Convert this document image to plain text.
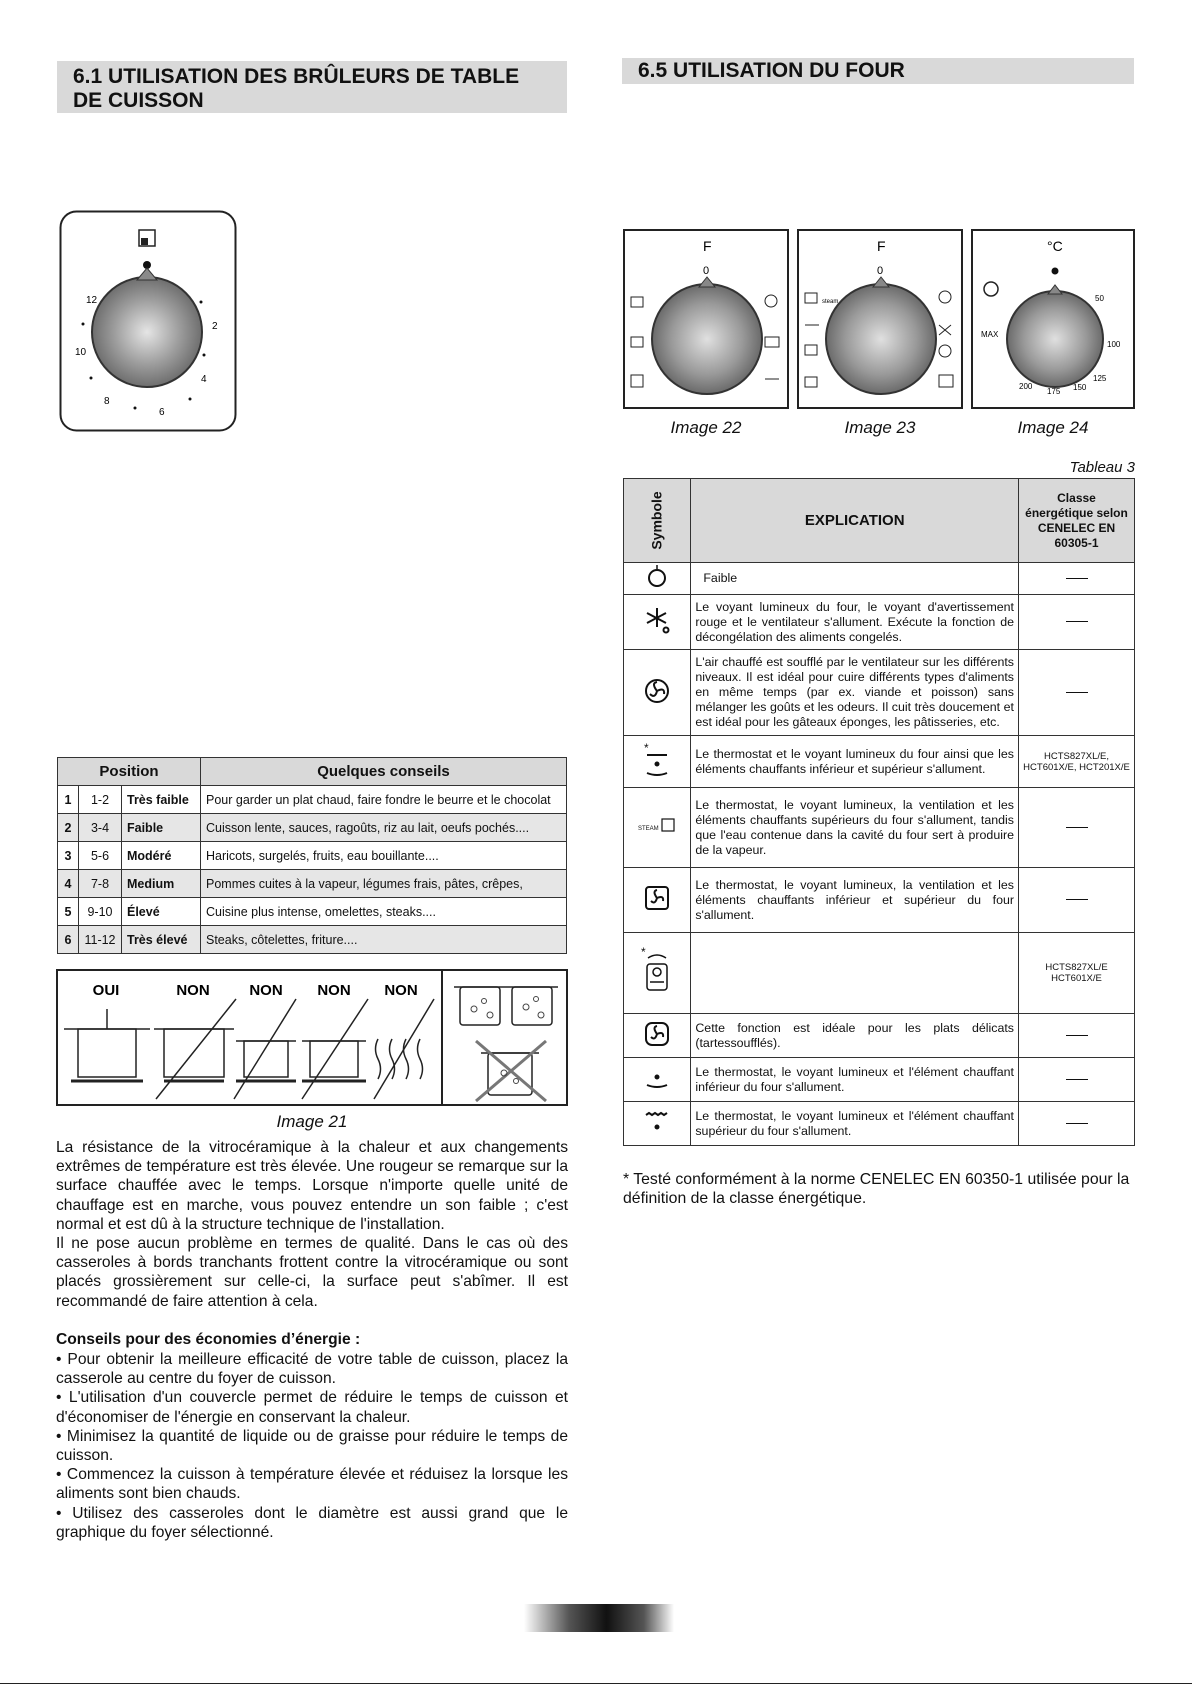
6.1 UTILISATION DES BRÛLEURS DE TABLE DE CUISSON
12
2
10
4
8
6
Position			Quelques conseils
1	1-2	Très faible	Pour garder un plat chaud, faire fondre le beurre et le chocolat
2	3-4	Faible	Cuisson lente, sauces, ragoûts, riz au lait, oeufs pochés....
3	5-6	Modéré	Haricots, surgelés, fruits, eau bouillante....
4	7-8	Medium	Pommes cuites à la vapeur, légumes frais, pâtes, crêpes,
5	9-10	Élevé	Cuisine plus intense, omelettes, steaks....
6	11-12	Très élevé	Steaks, côtelettes, friture....
OUI	NON	NON NON NON
Image 21
La résistance de la vitrocéramique à la chaleur et aux changements extrêmes de température est très élevée. Une rougeur se remarque sur la surface chauffée avec le temps. Lorsque n'importe quelle unité de chauffage est en marche, vous pouvez entendre un son faible ; c'est normal et est dû à la structure technique de l'installation.
Il ne pose aucun problème en termes de qualité. Dans le cas où des casseroles à bords tranchants frottent contre la vitrocéramique ou sont placés grossièrement sur celle-ci, la surface peut s'abîmer. Il est recommandé de faire attention à cela.
Conseils pour des économies d’énergie :
• Pour obtenir la meilleure efficacité de votre table de cuisson, placez la casserole au centre du foyer de cuisson.
• L'utilisation d'un couvercle permet de réduire le temps de cuisson et d'économiser de l'énergie en conservant la chaleur.
• Minimisez la quantité de liquide ou de graisse pour réduire le temps de cuisson.
• Commencez la cuisson à température élevée et réduisez la lorsque les aliments sont bien chauds.
• Utilisez des casseroles dont le diamètre est aussi grand que le graphique du foyer sélectionné.
6.5 UTILISATION DU FOUR
F
0
F
0
steam
°C
MAX
50
100
125
150
175
200
Image 22	Image 23	Image 24
Tableau 3
Symbole	EXPLICATION	Classe énergétique selon CENELEC EN 60305-1
	Faible	
	Le voyant lumineux du four, le voyant d'avertissement rouge et le ventilateur s'allument. Exécute la fonction de décongélation des aliments congelés.	
	L'air chauffé est soufflé par le ventilateur sur les différents niveaux. Il est idéal pour cuire différents types d'aliments en même temps (par ex. viande et poisson) sans mélanger les goûts et les odeurs. Il cuit très doucement et est idéal pour les gâteaux éponges, les pâtisseries, etc.	

*	Le thermostat et le voyant lumineux du four ainsi que les éléments chauffants inférieur et supérieur s'allument.	HCTS827XL/E, HCT601X/E, HCT201X/E

STEAM	Le thermostat, le voyant lumineux, la ventilation et les éléments chauffants supérieurs du four s'allument, tandis que l'eau contenue dans la cavité du four sert à produire de la vapeur.	
	Le thermostat, le voyant lumineux, la ventilation et les éléments chauffants inférieur et supérieur du four s'allument.	

*		HCTS827XL/E HCT601X/E
	Cette fonction est idéale pour les plats délicats (tartessoufflés).	
	Le thermostat, le voyant lumineux et l'élément chauffant inférieur du four s'allument.	
	Le thermostat, le voyant lumineux et l'élément chauffant supérieur du four s'allument.	
* Testé conformément à la norme CENELEC EN 60350-1 utilisée pour la définition de la classe énergétique.
